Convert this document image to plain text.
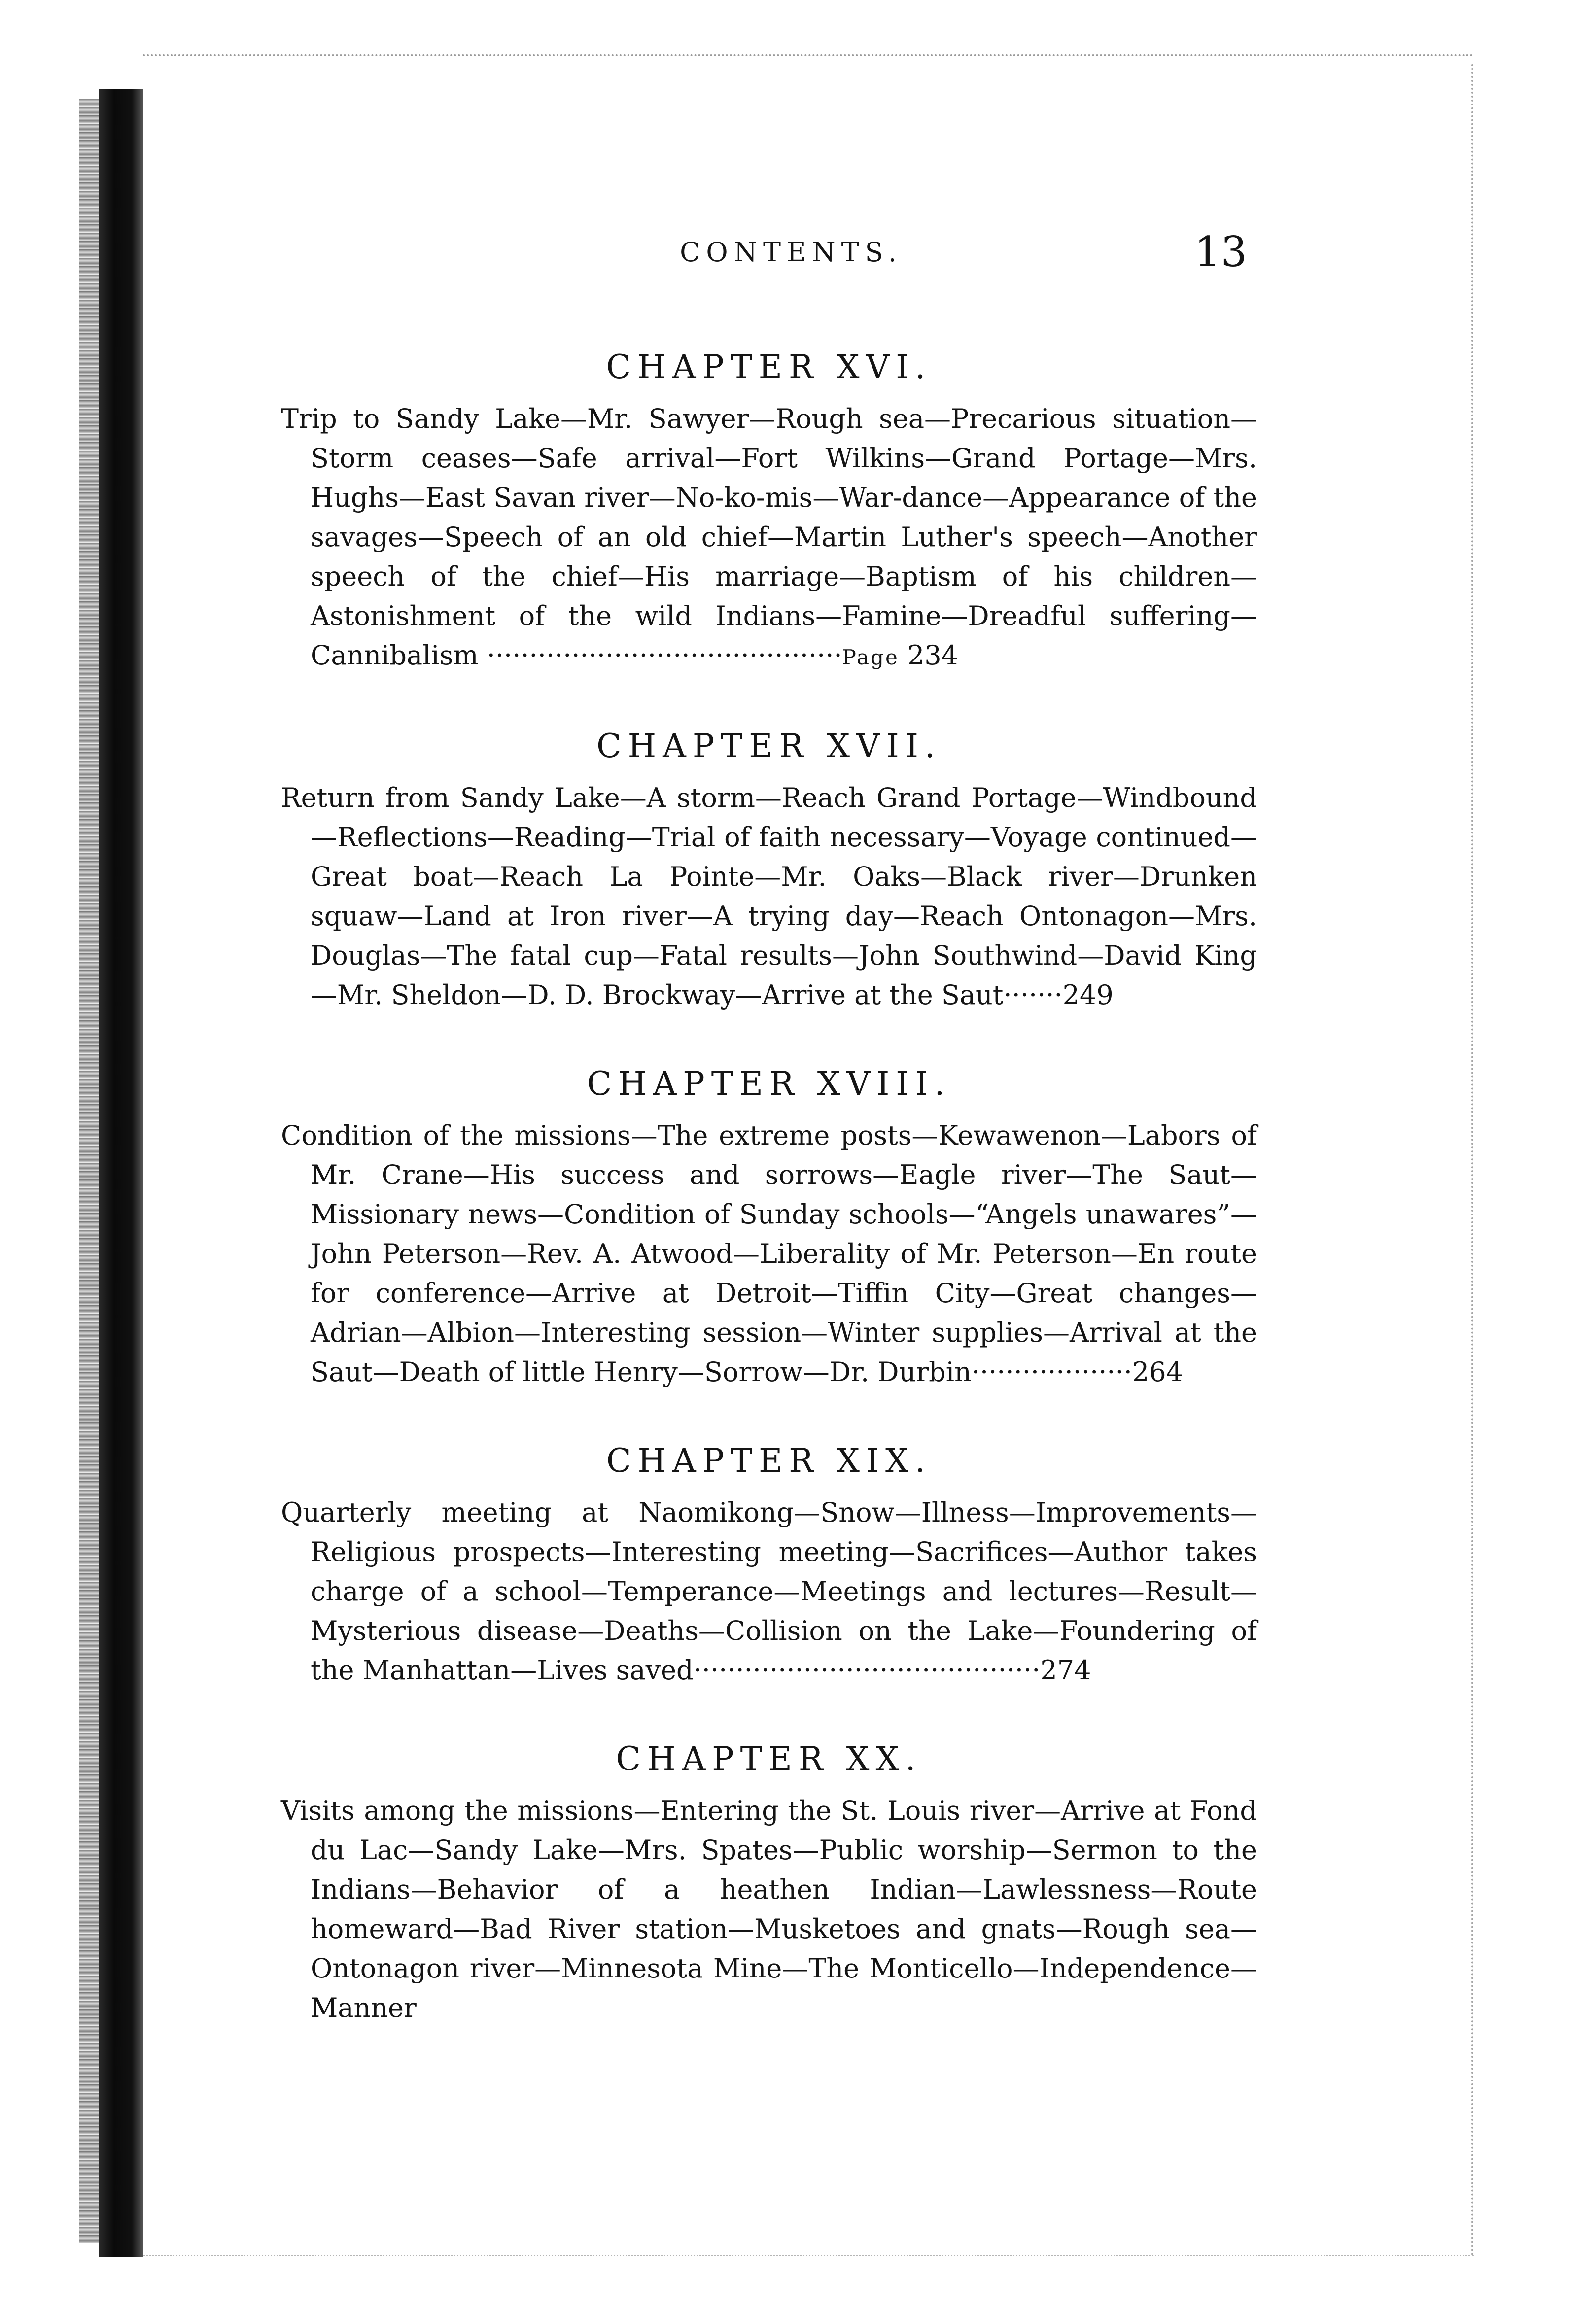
CONTENTS.	13
CHAPTER XVI.

Trip to Sandy Lake—Mr. Sawyer—Rough sea—Precarious situation—Storm ceases—Safe arrival—Fort Wilkins—Grand Portage—Mrs. Hughs—East Savan river—No-ko-mis—War-dance—Appearance of the savages—Speech of an old chief—Martin Luther's speech—Another speech of the chief—His marriage—Baptism of his children—Astonishment of the wild Indians—Famine—Dreadful suffering—Cannibalism ··········································Page 234

CHAPTER XVII.

Return from Sandy Lake—A storm—Reach Grand Portage—Windbound—Reflections—Reading—Trial of faith necessary—Voyage continued—Great boat—Reach La Pointe—Mr. Oaks—Black river—Drunken squaw—Land at Iron river—A trying day—Reach Ontonagon—Mrs. Douglas—The fatal cup—Fatal results—John Southwind—David King—Mr. Sheldon—D. D. Brockway—Arrive at the Saut·······249

CHAPTER XVIII.

Condition of the missions—The extreme posts—Kewawenon—Labors of Mr. Crane—His success and sorrows—Eagle river—The Saut—Missionary news—Condition of Sunday schools—“Angels unawares”—John Peterson—Rev. A. Atwood—Liberality of Mr. Peterson—En route for conference—Arrive at Detroit—Tiffin City—Great changes—Adrian—Albion—Interesting session—Winter supplies—Arrival at the Saut—Death of little Henry—Sorrow—Dr. Durbin···················264

CHAPTER XIX.

Quarterly meeting at Naomikong—Snow—Illness—Improvements—Religious prospects—Interesting meeting—Sacrifices—Author takes charge of a school—Temperance—Meetings and lectures—Result—Mysterious disease—Deaths—Collision on the Lake—Foundering of the Manhattan—Lives saved·········································274

CHAPTER XX.

Visits among the missions—Entering the St. Louis river—Arrive at Fond du Lac—Sandy Lake—Mrs. Spates—Public worship—Sermon to the Indians—Behavior of a heathen Indian—Lawlessness—Route homeward—Bad River station—Musketoes and gnats—Rough sea—Ontonagon river—Minnesota Mine—The Monticello—Independence—Manner
